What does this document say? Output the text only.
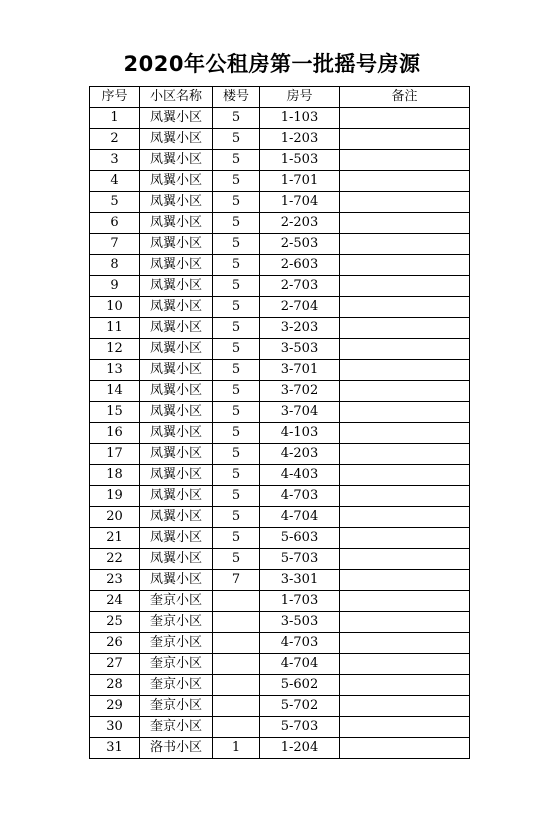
2020年公租房第一批摇号房源
序号	小区名称	楼号	房号	备注
1	凤翼小区	5	1-103	
2	凤翼小区	5	1-203	
3	凤翼小区	5	1-503	
4	凤翼小区	5	1-701	
5	凤翼小区	5	1-704	
6	凤翼小区	5	2-203	
7	凤翼小区	5	2-503	
8	凤翼小区	5	2-603	
9	凤翼小区	5	2-703	
10	凤翼小区	5	2-704	
11	凤翼小区	5	3-203	
12	凤翼小区	5	3-503	
13	凤翼小区	5	3-701	
14	凤翼小区	5	3-702	
15	凤翼小区	5	3-704	
16	凤翼小区	5	4-103	
17	凤翼小区	5	4-203	
18	凤翼小区	5	4-403	
19	凤翼小区	5	4-703	
20	凤翼小区	5	4-704	
21	凤翼小区	5	5-603	
22	凤翼小区	5	5-703	
23	凤翼小区	7	3-301	
24	奎京小区		1-703	
25	奎京小区		3-503	
26	奎京小区		4-703	
27	奎京小区		4-704	
28	奎京小区		5-602	
29	奎京小区		5-702	
30	奎京小区		5-703	
31	洛书小区	1	1-204	
